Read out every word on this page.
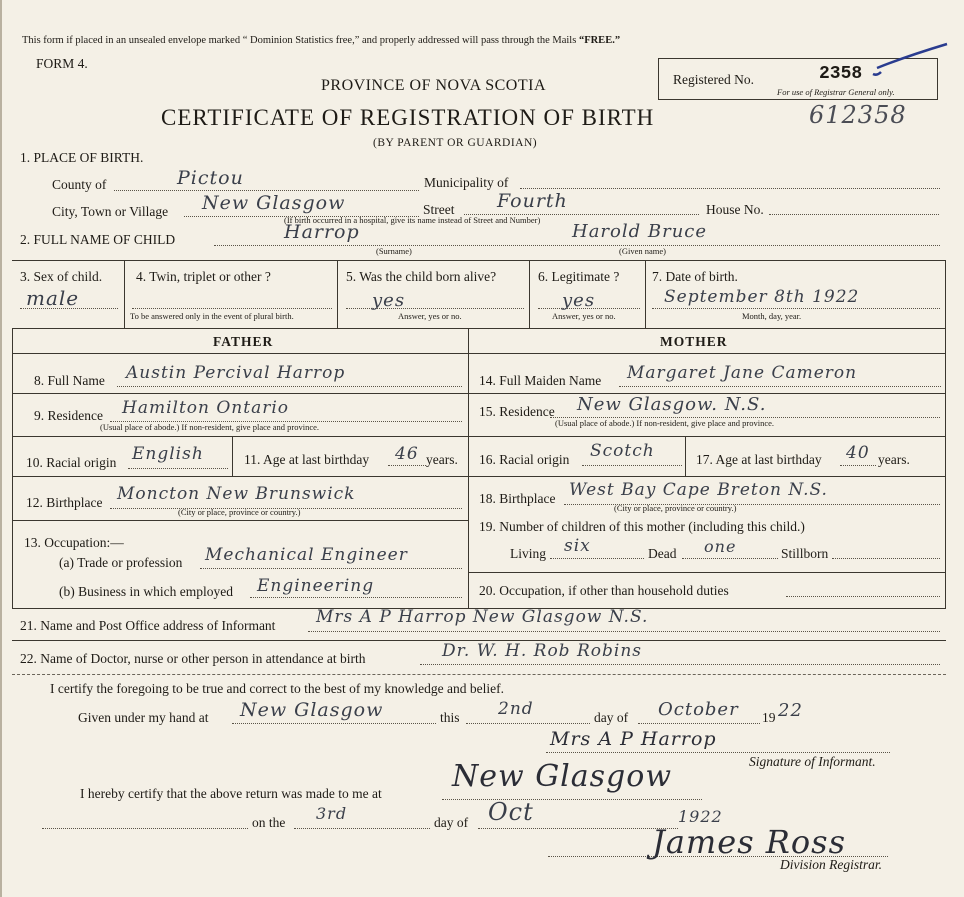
This form if placed in an unsealed envelope marked “ Dominion Statistics free,” and properly addressed will pass through the Mails “FREE.”
FORM 4.
PROVINCE OF NOVA SCOTIA
CERTIFICATE OF REGISTRATION OF BIRTH
(BY PARENT OR GUARDIAN)
Registered No.	2358
For use of Registrar General only.
612358
1. PLACE OF BIRTH.
County of	Pictou	Municipality of
City, Town or Village New Glasgow	Street Fourth	House No.
(If birth occurred in a hospital, give its name instead of Street and Number)
2. FULL NAME OF CHILD	Harrop	Harold Bruce
(Surname)	(Given name)
3. Sex of child.
male
4. Twin, triplet or other ?
To be answered only in the event of plural birth.
5. Was the child born alive?
yes
Answer, yes or no.
6. Legitimate ?
yes
Answer, yes or no.
7. Date of birth.
September 8th 1922
Month, day, year.
FATHER	MOTHER
8. Full Name Austin Percival Harrop
9. Residence Hamilton Ontario
(Usual place of abode.) If non-resident, give place and province.
10. Racial origin English	11. Age at last birthday 46 years.
12. Birthplace Moncton New Brunswick
(City or place, province or country.)
13. Occupation:—
(a) Trade or profession Mechanical Engineer
(b) Business in which employed Engineering
14. Full Maiden Name Margaret Jane Cameron
15. Residence New Glasgow. N.S.
(Usual place of abode.) If non-resident, give place and province.
16. Racial origin Scotch	17. Age at last birthday 40 years.
18. Birthplace West Bay Cape Breton N.S.
(City or place, province or country.)
19. Number of children of this mother (including this child.)
Living six	Dead one	Stillborn
20. Occupation, if other than household duties
21. Name and Post Office address of Informant Mrs A P Harrop New Glasgow N.S.
22. Name of Doctor, nurse or other person in attendance at birth	Dr. W. H. Rob Robins
I certify the foregoing to be true and correct to the best of my knowledge and belief.
Given under my hand at New Glasgow	this 2nd	day of October 19 22
Mrs A P Harrop
Signature of Informant.
I hereby certify that the above return was made to me at New Glasgow
on the 3rd	day of Oct	1922
James Ross
Division Registrar.
